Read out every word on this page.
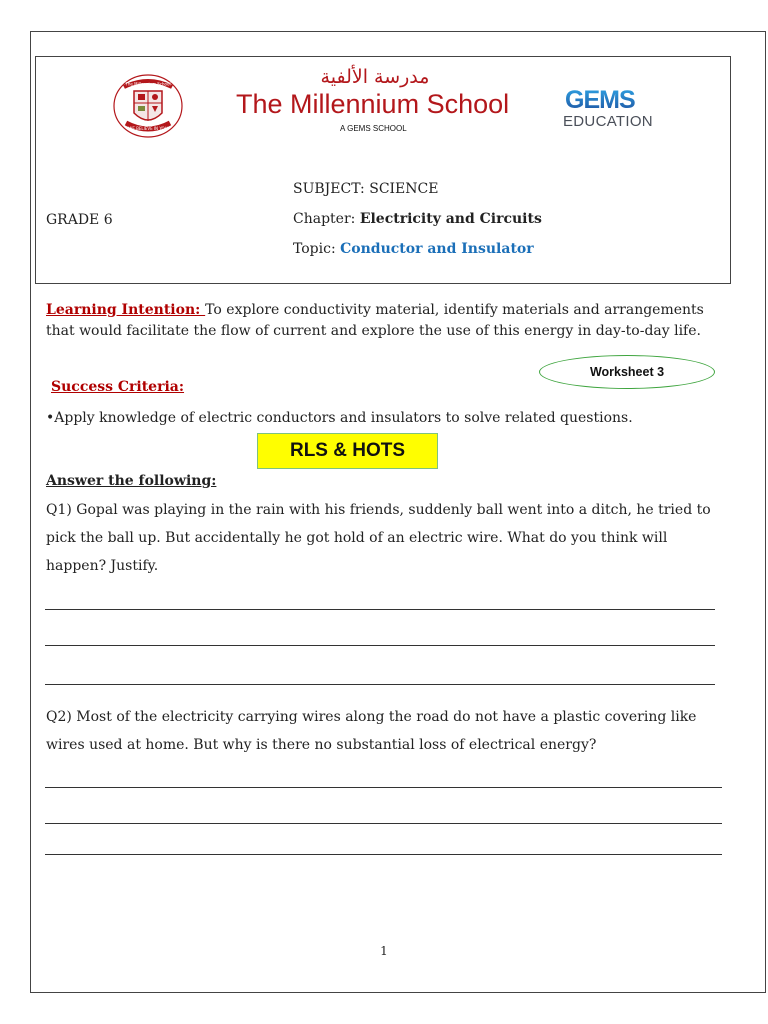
The Millennium School
WE BELIEVE IN YOU
مدرسة الألفية
The Millennium School
A GEMS SCHOOL
GEMS
EDUCATION
SUBJECT: SCIENCE
GRADE 6	Chapter: Electricity and Circuits
Topic: Conductor and Insulator
Learning Intention: To explore conductivity material, identify materials and arrangements that would facilitate the flow of current and explore the use of this energy in day-to-day life.
Worksheet 3
Success Criteria:
•Apply knowledge of electric conductors and insulators to solve related questions.
RLS & HOTS
Answer the following:
Q1) Gopal was playing in the rain with his friends, suddenly ball went into a ditch, he tried to pick the ball up. But accidentally he got hold of an electric wire. What do you think will happen? Justify.
Q2) Most of the electricity carrying wires along the road do not have a plastic covering like wires used at home. But why is there no substantial loss of electrical energy?
1
